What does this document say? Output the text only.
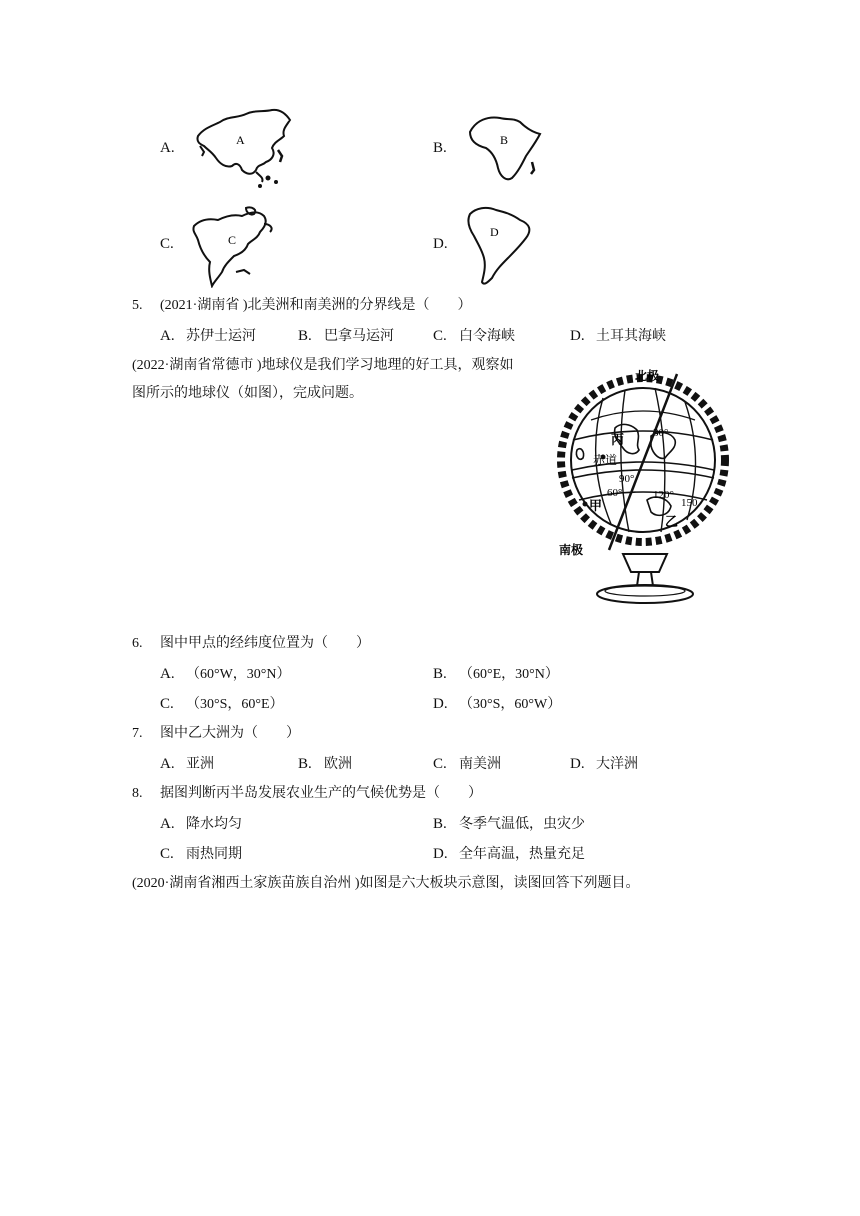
A.	A	B.	B
C.	C	D.
D
5. (2021·湖南省 )北美洲和南美洲的分界线是（　　）
A. 苏伊士运河	B. 巴拿马运河	C. 白令海峡	D. 土耳其海峡
(2022·湖南省常德市 )地球仪是我们学习地理的好工具，观察如
图所示的地球仪（如图），完成问题。
北极
南极
赤道
丙
甲
乙
30°
60°
90°
120°
150
6. 图中甲点的经纬度位置为（　　）
A. （60°W，30°N）	B. （60°E，30°N）
C. （30°S，60°E）	D. （30°S，60°W）
7. 图中乙大洲为（　　）
A. 亚洲	B. 欧洲	C. 南美洲	D. 大洋洲
8. 据图判断丙半岛发展农业生产的气候优势是（　　）
A. 降水均匀	B. 冬季气温低，虫灾少
C. 雨热同期	D. 全年高温，热量充足
(2020·湖南省湘西土家族苗族自治州 )如图是六大板块示意图，读图回答下列题目。
